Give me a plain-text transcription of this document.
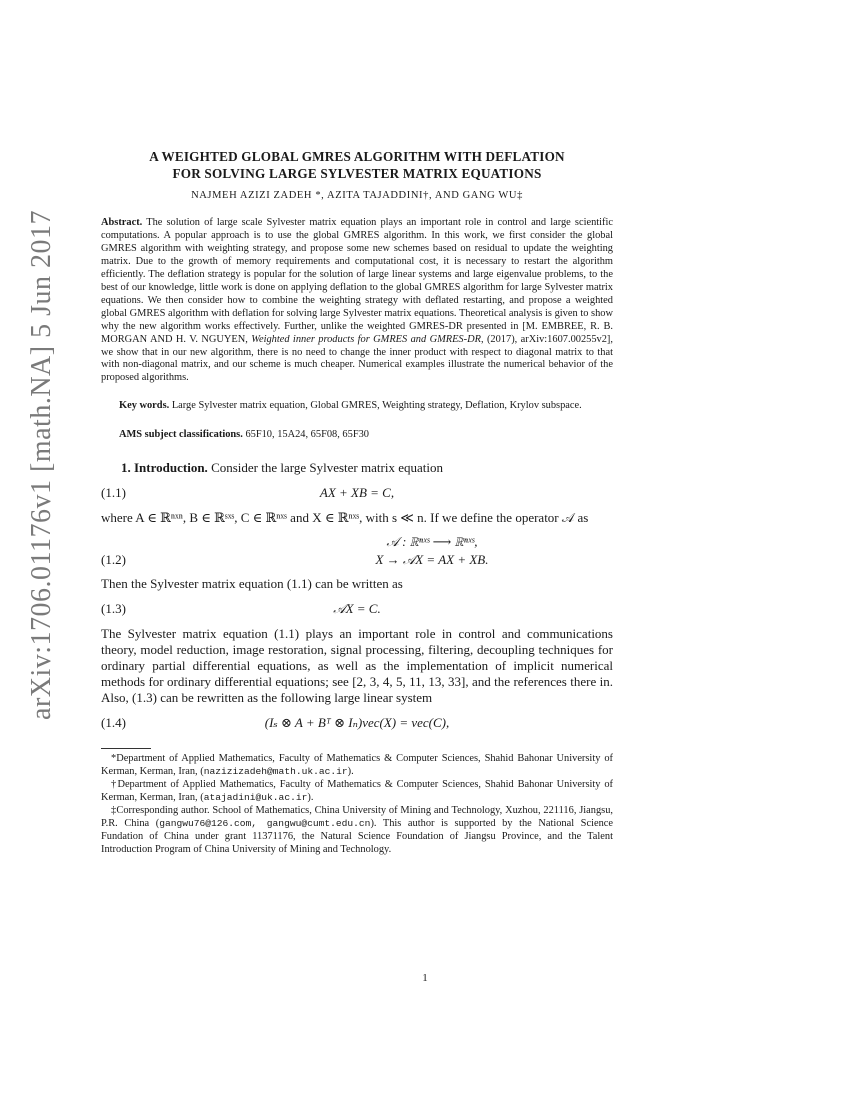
arXiv:1706.01176v1 [math.NA] 5 Jun 2017
A WEIGHTED GLOBAL GMRES ALGORITHM WITH DEFLATION
FOR SOLVING LARGE SYLVESTER MATRIX EQUATIONS

NAJMEH AZIZI ZADEH *, AZITA TAJADDINI†, AND GANG WU‡

Abstract. The solution of large scale Sylvester matrix equation plays an important role in control and large scientific computations. A popular approach is to use the global GMRES algorithm. In this work, we first consider the global GMRES algorithm with weighting strategy, and propose some new schemes based on residual to update the weighting matrix. Due to the growth of memory requirements and computational cost, it is necessary to restart the algorithm efficiently. The deflation strategy is popular for the solution of large linear systems and large eigenvalue problems, to the best of our knowledge, little work is done on applying deflation to the global GMRES algorithm for large Sylvester matrix equations. We then consider how to combine the weighting strategy with deflated restarting, and propose a weighted global GMRES algorithm with deflation for solving large Sylvester matrix equations. Theoretical analysis is given to show why the new algorithm works effectively. Further, unlike the weighted GMRES-DR presented in [M. EMBREE, R. B. MORGAN AND H. V. NGUYEN, Weighted inner products for GMRES and GMRES-DR, (2017), arXiv:1607.00255v2], we show that in our new algorithm, there is no need to change the inner product with respect to diagonal matrix to that with non-diagonal matrix, and our scheme is much cheaper. Numerical examples illustrate the numerical behavior of the proposed algorithms.

Key words. Large Sylvester matrix equation, Global GMRES, Weighting strategy, Deflation, Krylov subspace.

AMS subject classifications. 65F10, 15A24, 65F08, 65F30

1. Introduction. Consider the large Sylvester matrix equation

(1.1)	AX + XB = C,

where A ∈ ℝⁿˣⁿ, B ∈ ℝˢˣˢ, C ∈ ℝⁿˣˢ and X ∈ ℝⁿˣˢ, with s ≪ n. If we define the operator 𝒜 as

𝒜 : ℝⁿˣˢ ⟶ ℝⁿˣˢ,
X → 𝒜X = AX + XB.
(1.2)

Then the Sylvester matrix equation (1.1) can be written as

(1.3)	𝒜X = C.

The Sylvester matrix equation (1.1) plays an important role in control and communications theory, model reduction, image restoration, signal processing, filtering, decoupling techniques for ordinary partial differential equations, as well as the implementation of implicit numerical methods for ordinary differential equations; see [2, 3, 4, 5, 11, 13, 33], and the references there in. Also, (1.3) can be rewritten as the following large linear system

(1.4)	(Iₛ ⊗ A + Bᵀ ⊗ Iₙ)vec(X) = vec(C),

*Department of Applied Mathematics, Faculty of Mathematics & Computer Sciences, Shahid Bahonar University of Kerman, Kerman, Iran, (nazizizadeh@math.uk.ac.ir).

†Department of Applied Mathematics, Faculty of Mathematics & Computer Sciences, Shahid Bahonar University of Kerman, Kerman, Iran, (atajadini@uk.ac.ir).

‡Corresponding author. School of Mathematics, China University of Mining and Technology, Xuzhou, 221116, Jiangsu, P.R. China (gangwu76@126.com, gangwu@cumt.edu.cn). This author is supported by the National Science Fundation of China under grant 11371176, the Natural Science Foundation of Jiangsu Province, and the Talent Introduction Program of China University of Mining and Technology.

1
